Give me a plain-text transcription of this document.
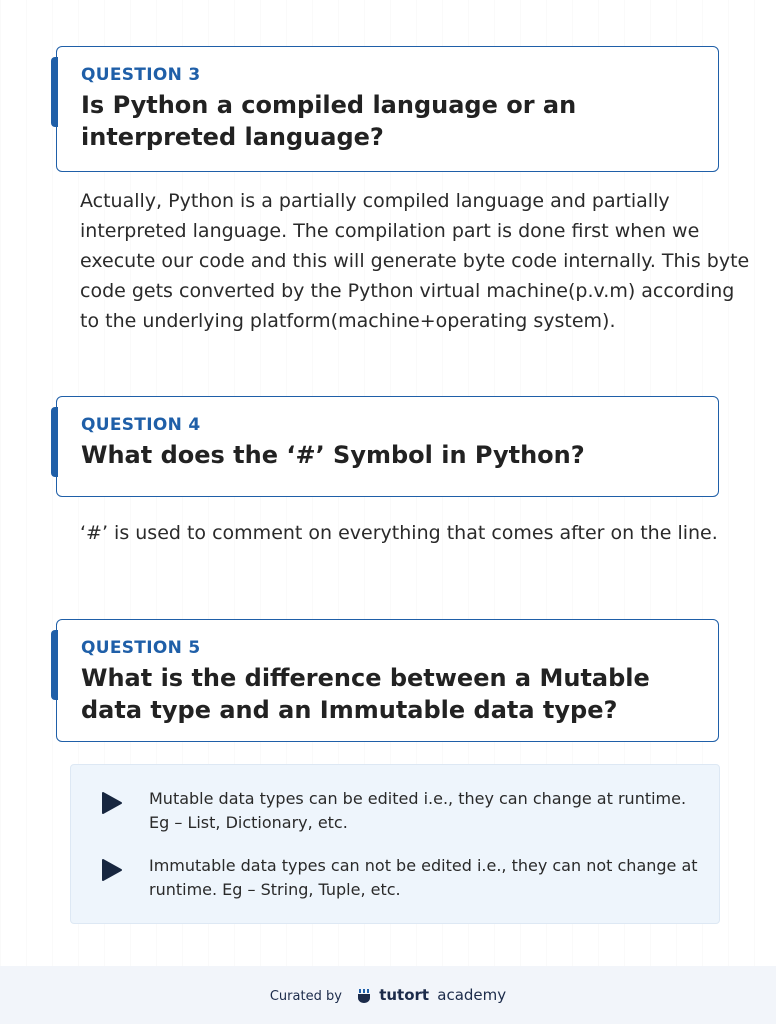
QUESTION 3
Is Python a compiled language or an
interpreted language?
Actually, Python is a partially compiled language and partially interpreted language. The compilation part is done first when we execute our code and this will generate byte code internally. This byte code gets converted by the Python virtual machine(p.v.m) according to the underlying platform(machine+operating system).
QUESTION 4
What does the ‘#’ Symbol in Python?
‘#’ is used to comment on everything that comes after on the line.
QUESTION 5
What is the difference between a Mutable
data type and an Immutable data type?
Mutable data types can be edited i.e., they can change at runtime. Eg – List, Dictionary, etc.
Immutable data types can not be edited i.e., they can not change at runtime. Eg – String, Tuple, etc.
Curated by tutort academy
